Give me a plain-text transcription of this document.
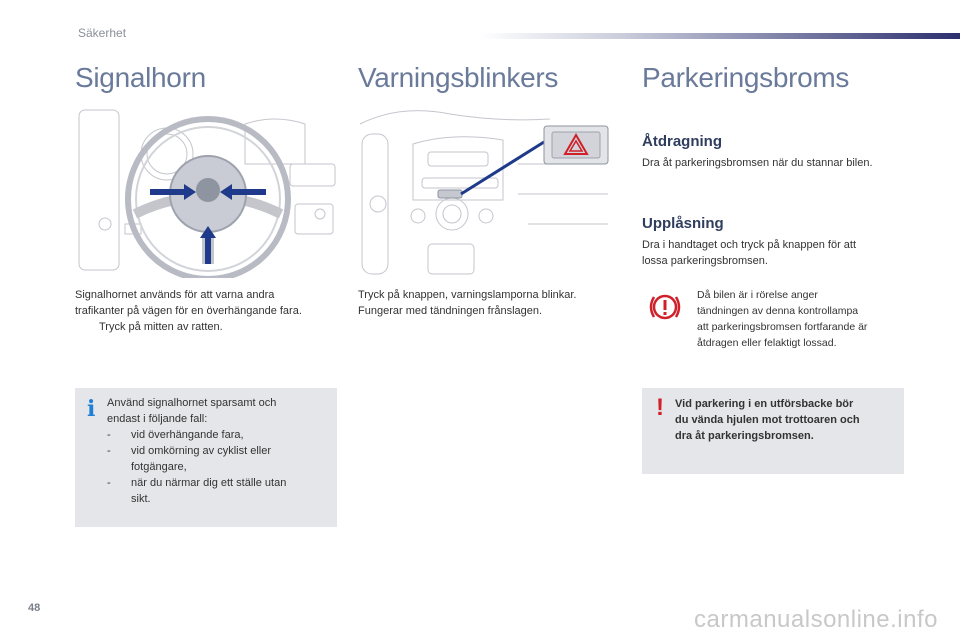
Säkerhet
Signalhorn
Signalhornet används för att varna andra
trafikanter på vägen för en överhängande fara.
Tryck på mitten av ratten.
i Använd signalhornet sparsamt och
endast i följande fall:
-	vid överhängande fara,
-	vid omkörning av cyklist eller
fotgängare,
-	när du närmar dig ett ställe utan
sikt.
Varningsblinkers
Tryck på knappen, varningslamporna blinkar.
Fungerar med tändningen frånslagen.
Parkeringsbroms
Åtdragning
Dra åt parkeringsbromsen när du stannar bilen.
Upplåsning
Dra i handtaget och tryck på knappen för att
lossa parkeringsbromsen.
Då bilen är i rörelse anger
tändningen av denna kontrollampa
att parkeringsbromsen fortfarande är
åtdragen eller felaktigt lossad.
! Vid parkering i en utförsbacke bör
du vända hjulen mot trottoaren och
dra åt parkeringsbromsen.
48	carmanualsonline.info
